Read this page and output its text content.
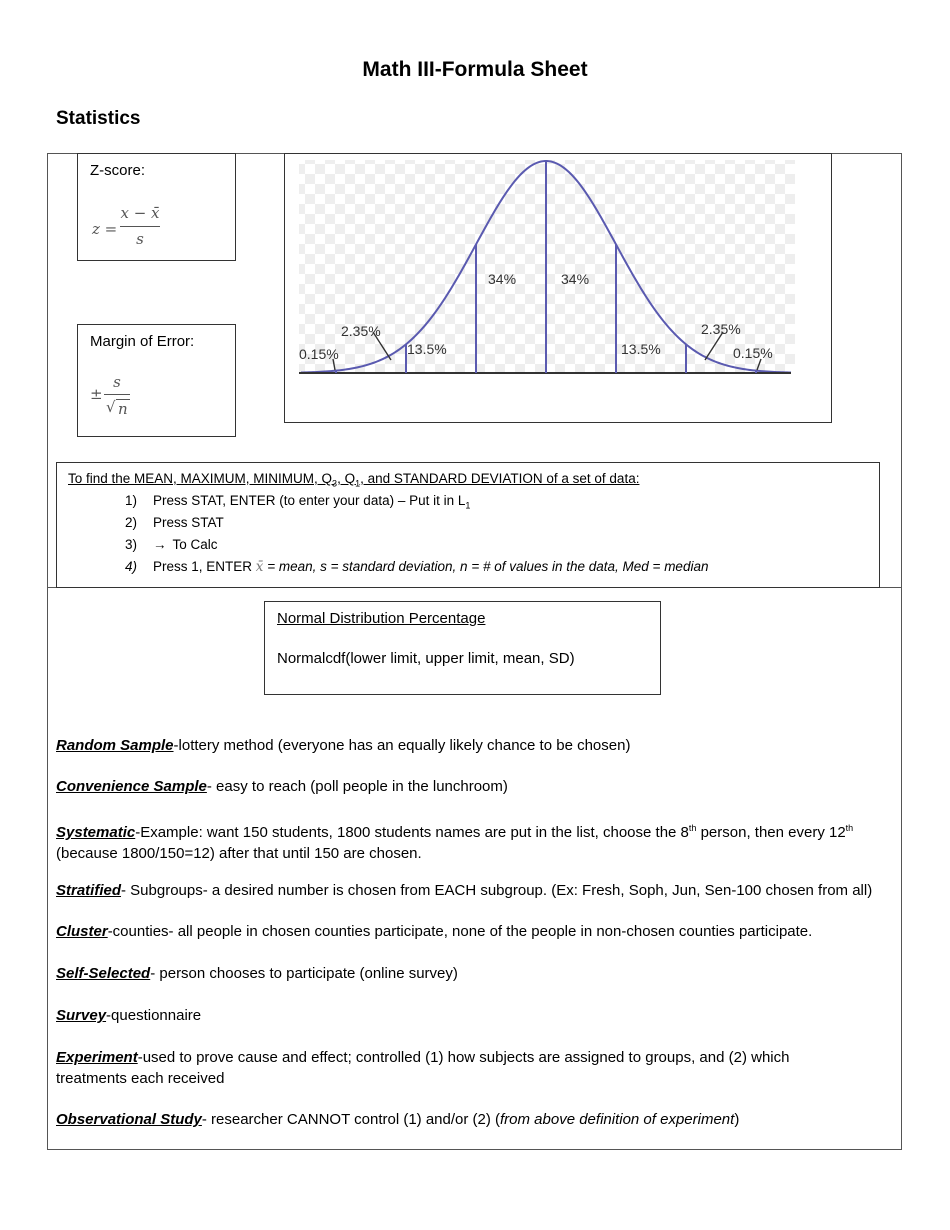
Math III-Formula Sheet
Statistics
Z-score:
z =
x − x̄
s
Margin of Error:
±
s
√ n
0.15%
2.35%
13.5%
34%	34%
13.5%
2.35%
0.15%
To find the MEAN, MAXIMUM, MINIMUM, $Q_3$, $Q_1$, and STANDARD DEVIATION of a set of data:
1) Press STAT, ENTER (to enter your data) – Put it in $L_1$
2) Press STAT
3) → To Calc
4) Press 1, ENTER x̄ = mean, s = standard deviation, n = # of values in the data, Med = median
Normal Distribution Percentage
Normalcdf(lower limit, upper limit, mean, SD)
Random Sample-lottery method (everyone has an equally likely chance to be chosen)
Convenience Sample- easy to reach (poll people in the lunchroom)
Systematic-Example: want 150 students, 1800 students names are put in the list, choose the 8th person, then every 12th
(because 1800/150=12) after that until 150 are chosen.
Stratified- Subgroups- a desired number is chosen from EACH subgroup. (Ex: Fresh, Soph, Jun, Sen-100 chosen from all)
Cluster-counties- all people in chosen counties participate, none of the people in non-chosen counties participate.
Self-Selected- person chooses to participate (online survey)
Survey-questionnaire
Experiment-used to prove cause and effect; controlled (1) how subjects are assigned to groups, and (2) which treatments each received
Observational Study- researcher CANNOT control (1) and/or (2) (from above definition of experiment)
